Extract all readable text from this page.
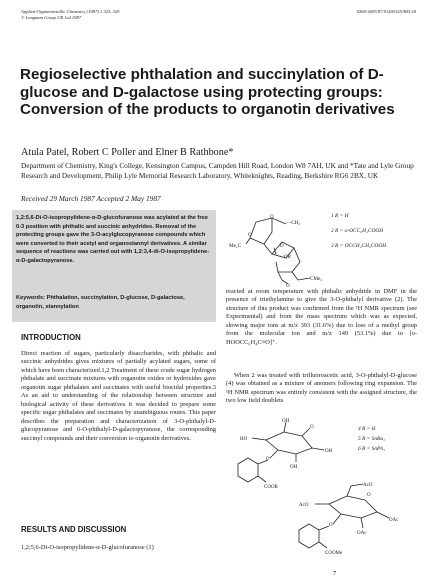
Applied Organometallic Chemistry (1987) 1 325–329
© Longman Group UK Ltd 1987
0268-2605/87/01405325/$03.50
Regioselective phthalation and succinylation of D-glucose and D-galactose using protecting groups: Conversion of the products to organotin derivatives
Atula Patel, Robert C Poller and Elner B Rathbone*
Department of Chemistry, King's College, Kensington Campus, Campden Hill Road, London W8 7AH, UK and *Tate and Lyle Group Research and Development, Philip Lyle Memorial Research Laboratory, Whiteknights, Reading, Berkshire RG6 2BX, UK
Received 29 March 1987 Accepted 2 May 1987
1,2:5,6-Di-O-isopropylidene-α-D-glucofuranose was acylated at the free 0-3 position with phthalic and succinic anhydrides. Removal of the protecting groups gave the 3-O-acylglucopyranose compounds which were converted to their acetyl and organostannyl derivatives. A similar sequence of reactions was carried out with 1,2:3,4-di-O-isopropylidene-α-D-galactopyranose.
Keywords: Phthalation, succinylation, D-glucose, D-galactose, organotin, stannylation
INTRODUCTION
Direct reaction of sugars, particularly disaccharides, with phthalic and succinic anhydrides gives mixtures of partially acylated sugars, some of which have been characterized.1,2 Treatment of these crude sugar hydrogen phthalate and succinate mixtures with organotin oxides or hydroxides gave organotin sugar phthalates and succinates with useful biocidal properties.3 As an aid to understanding of the relationship between structure and biological activity of these derivatives it was decided to prepare some specific sugar phthalates and succinates by unambiguous routes. This paper describes the preparation and characterization of 3-O-phthalyl-D-glucopyranose and 6-O-phthalyl-D-galactopyranose, the corresponding succinyl compounds and their conversion to organotin derivatives.
RESULTS AND DISCUSSION
1,2;5,6-Di-O-isopropylidene-α-D-glucofuranose (1)
reacted at room temperature with phthalic anhydride in DMF in the presence of triethylamine to give the 3-O-phthalyl derivative (2). The structure of this product was confirmed from the ¹H NMR spectrum (see Experimental) and from the mass spectrum which was as expected, showing major ions at m/z 393 (31.6%) due to loss of a methyl group from the molecular ion and m/z 149 (53.1%) due to [o-HOOCC₆H₄C≡O]⁺.
When 2 was treated with trifluoroacetic acid, 3-O-phthalyl-D-glucose (4) was obtained as a mixture of anomers following ring expansion. The ¹H NMR spectrum was entirely consistent with the assigned structure, the two low field doublets
O
—CH₂
Me₂C
O
OR
O
CMe₂
O
1 R = H
2 R = o-OCC₆H₄COOH
3 R = OCCH₂CH₂COOH
OH
O
OH
HO
O
OH
COOR
4 R = H
5 R = SnBu₃
6 R = SnPh₃
AcO
O
OAc
AcO
O
OAc
COOMe
7
